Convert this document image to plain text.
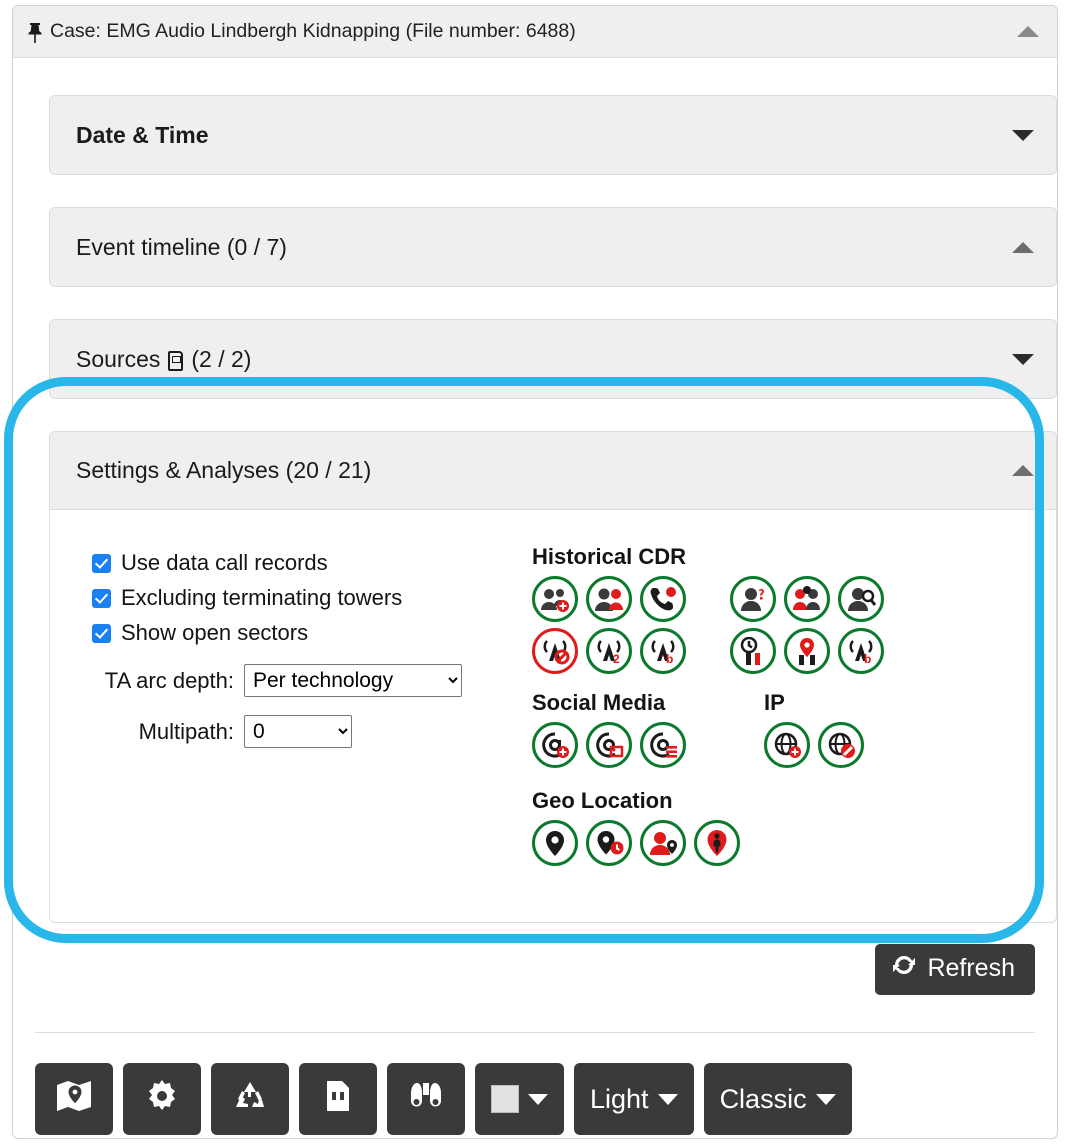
Case: EMG Audio Lindbergh Kidnapping (File number: 6488)
Date & Time
Event timeline (0 / 7)
Sources (2 / 2)
Settings & Analyses (20 / 21)
Use data call records
Excluding terminating towers
Show open sectors
TA arc depth:
Per technology
Multipath:
0
Historical CDR
2	b	b
Social Media	IP
Geo Location
Refresh
Light	Classic
